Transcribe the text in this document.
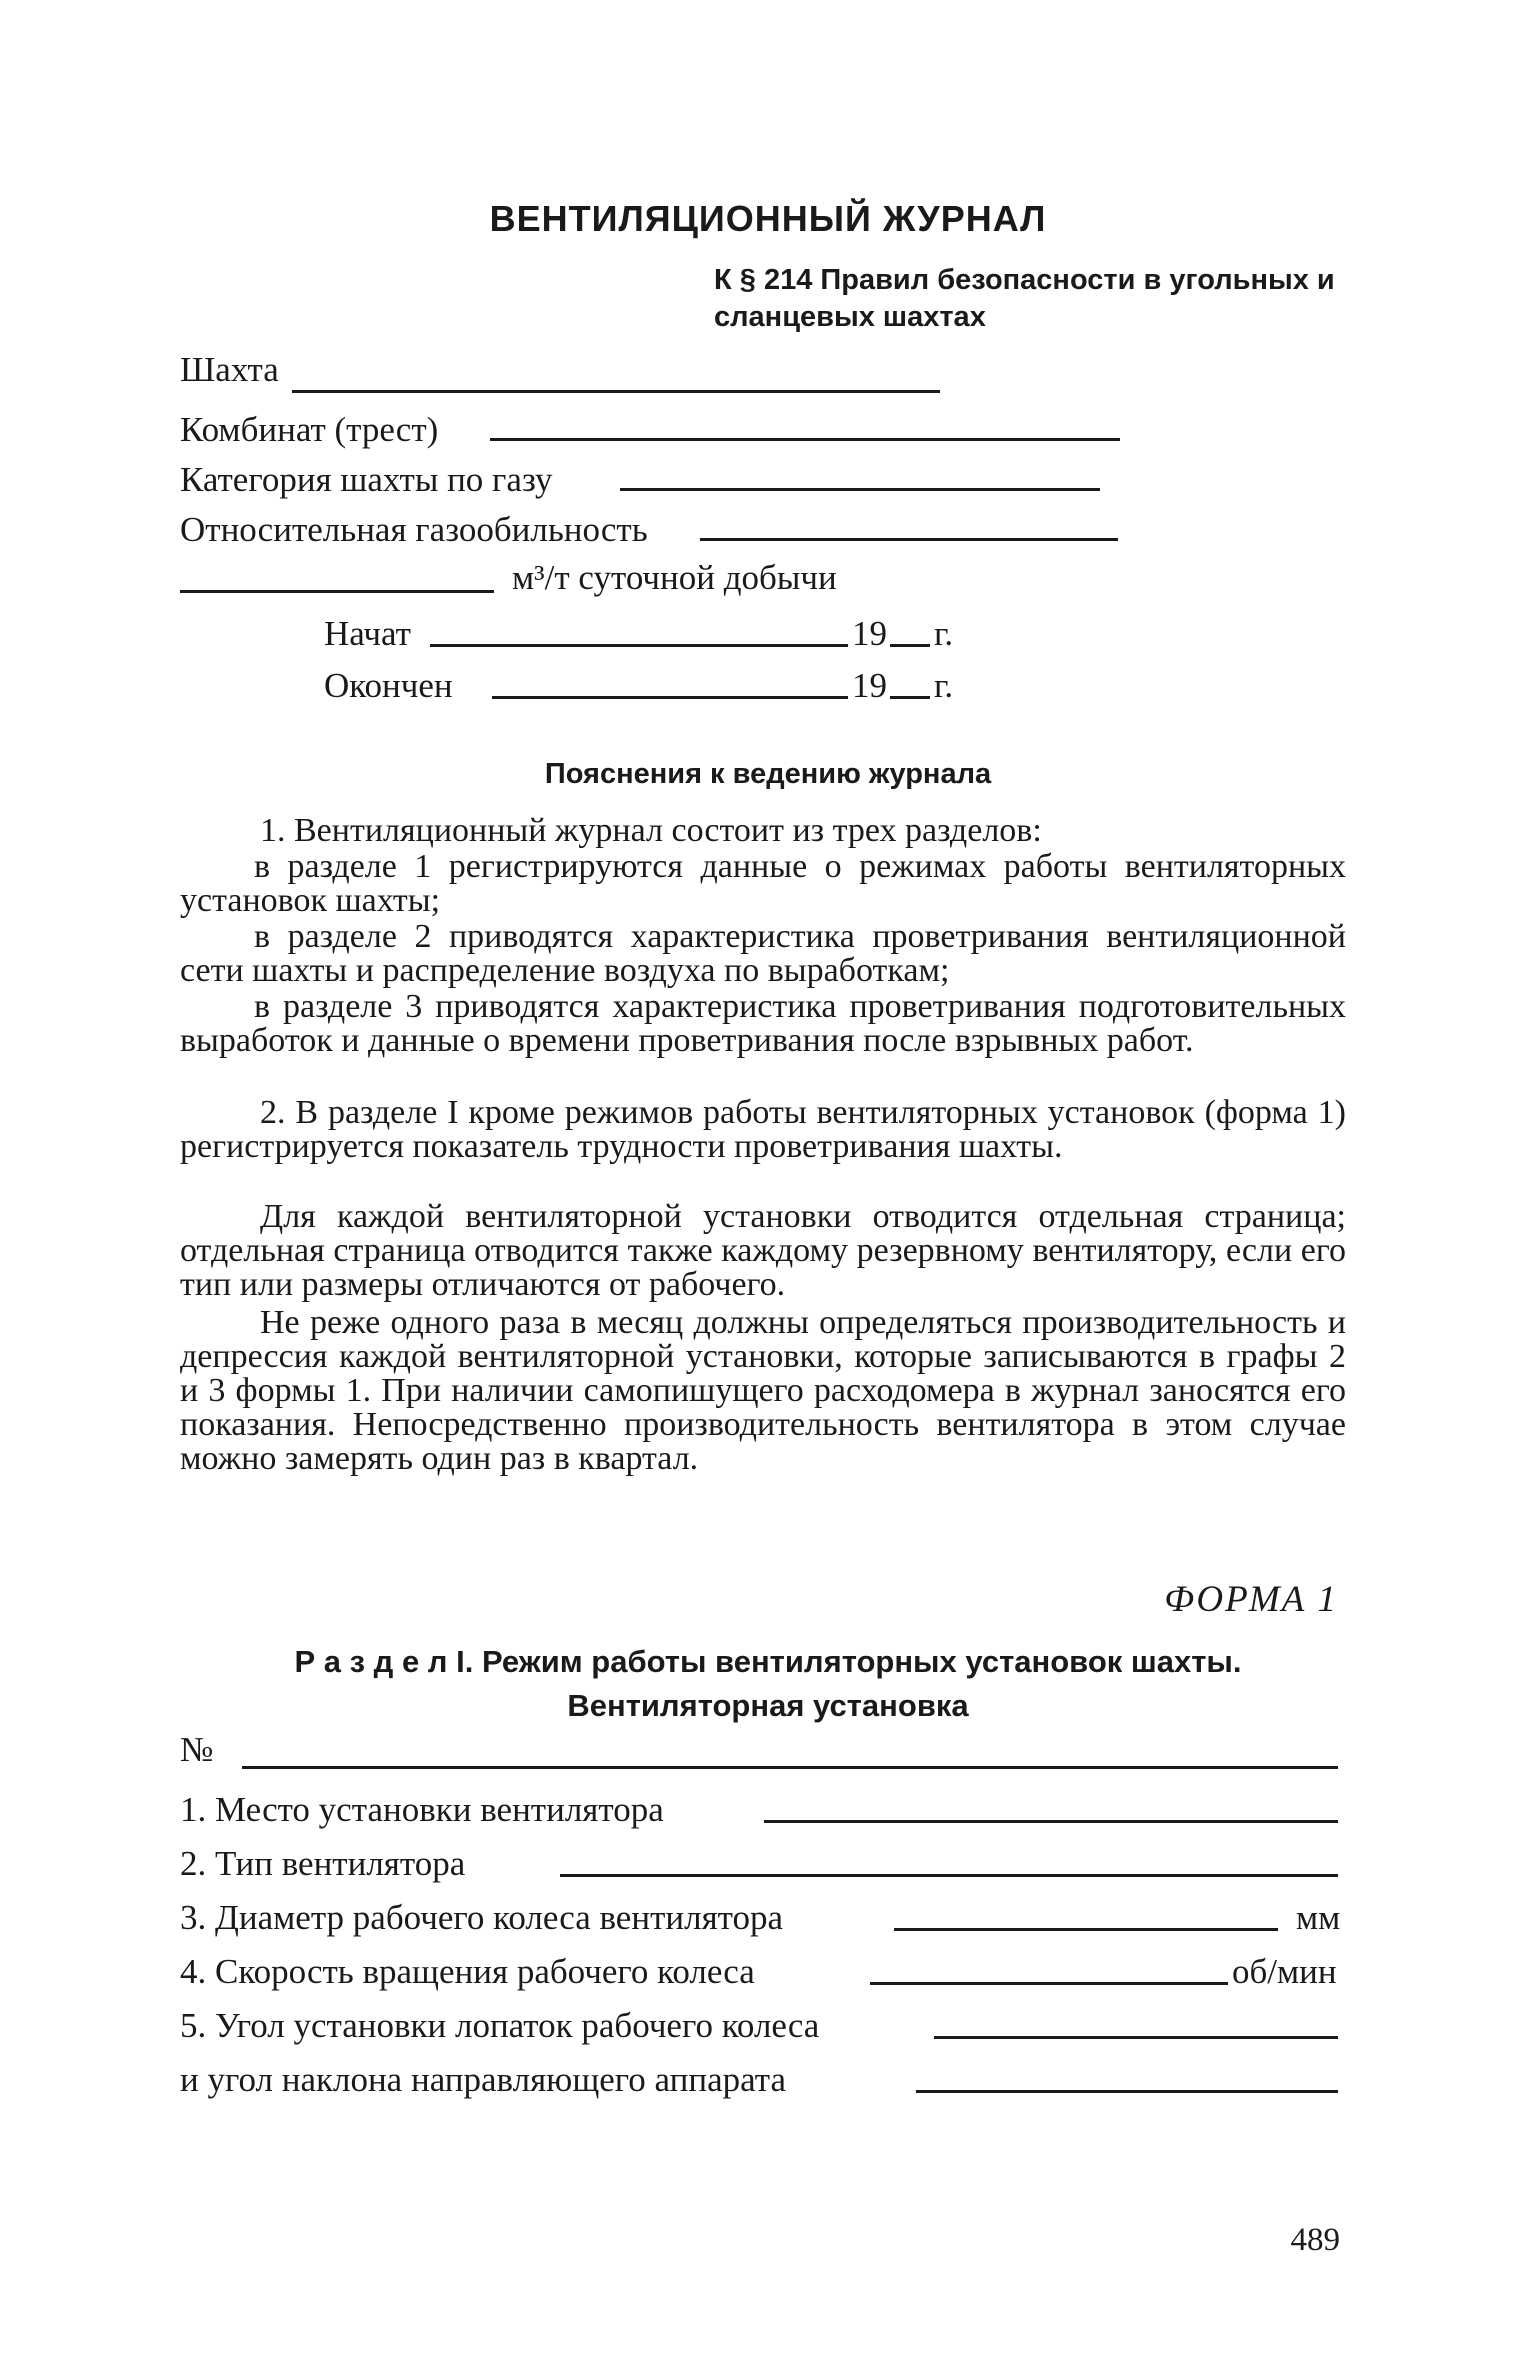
ВЕНТИЛЯЦИОННЫЙ ЖУРНАЛ
К § 214 Правил безопасности в угольных и сланцевых шахтах
Шахта
Комбинат (трест)
Категория шахты по газу
Относительная газообильность
м³/т суточной добычи
Начат	19 г.
Окончен	19 г.
Пояснения к ведению журнала

1. Вентиляционный журнал состоит из трех разделов:

в разделе 1 регистрируются данные о режимах работы вентиляторных установок шахты;

в разделе 2 приводятся характеристика проветривания вентиляционной сети шахты и распределение воздуха по выработкам;

в разделе 3 приводятся характеристика проветривания подготовительных выработок и данные о времени проветривания после взрывных работ.

2. В разделе I кроме режимов работы вентиляторных установок (форма 1) регистрируется показатель трудности проветривания шахты.

Для каждой вентиляторной установки отводится отдельная страница; отдельная страница отводится также каждому резервному вентилятору, если его тип или размеры отличаются от рабочего.

Не реже одного раза в месяц должны определяться производительность и депрессия каждой вентиляторной установки, которые записываются в графы 2 и 3 формы 1. При наличии самопишущего расходомера в журнал заносятся его показания. Непосредственно производительность вентилятора в этом случае можно замерять один раз в квартал.

ФОРМА 1
Р а з д е л I. Режим работы вентиляторных установок шахты.
Вентиляторная установка
№
1. Место установки вентилятора
2. Тип вентилятора
3. Диаметр рабочего колеса вентилятора	мм
4. Скорость вращения рабочего колеса	об/мин
5. Угол установки лопаток рабочего колеса
и угол наклона направляющего аппарата
489
